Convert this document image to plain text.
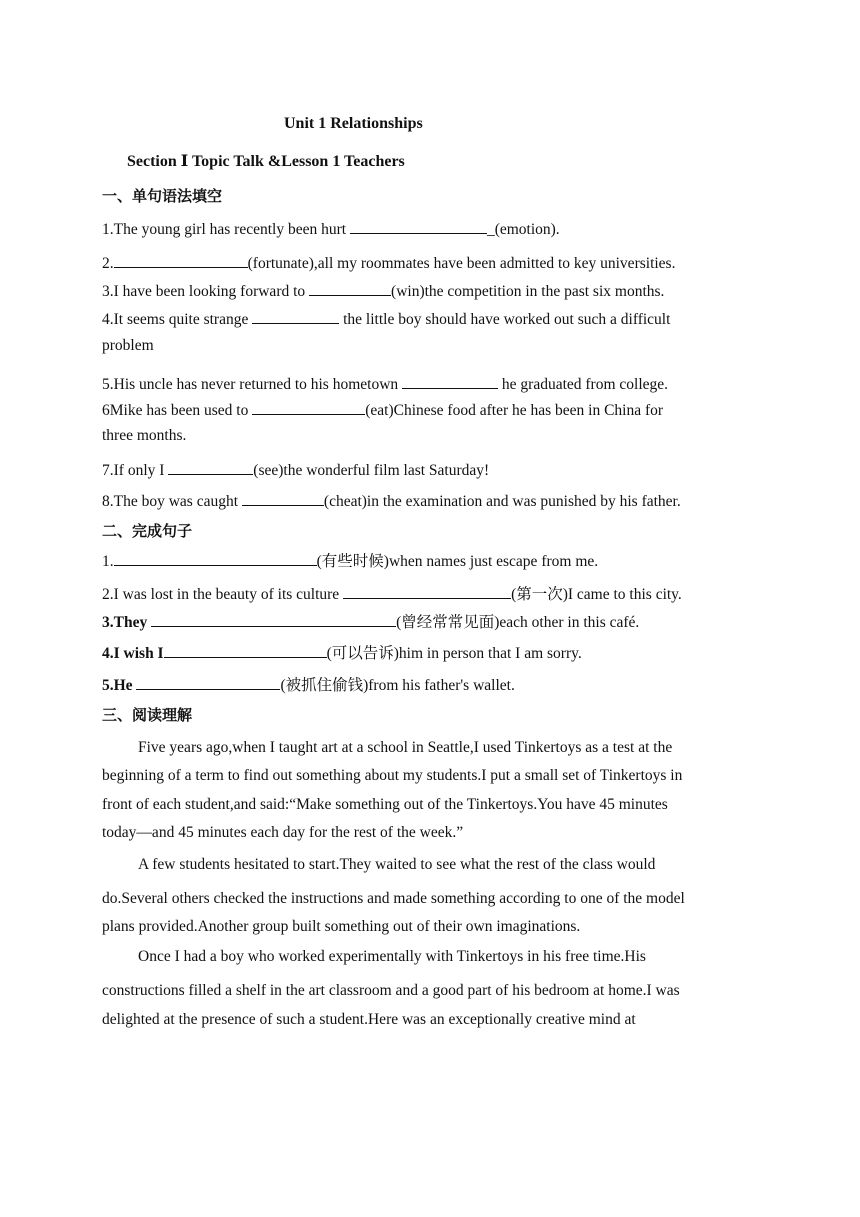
Unit 1 Relationships
Section Ⅰ Topic Talk &Lesson 1 Teachers
一、单句语法填空
1.The young girl has recently been hurt	_(emotion).
2.	(fortunate),all my roommates have been admitted to key universities.
3.I have been looking forward to	(win)the competition in the past six months.
4.It seems quite strange	the little boy should have worked out such a difficult
problem
5.His uncle has never returned to his hometown	he graduated from college.
6Mike has been used to	(eat)Chinese food after he has been in China for
three months.
7.If only I	(see)the wonderful film last Saturday!
8.The boy was caught	(cheat)in the examination and was punished by his father.
二、完成句子
1.	(有些时候)when names just escape from me.
2.I was lost in the beauty of its culture	(第一次)I came to this city.
3.They	(曾经常常见面)each other in this café.
4.I wish I	(可以告诉)him in person that I am sorry.
5.He	(被抓住偷钱)from his father's wallet.
三、阅读理解
Five years ago,when I taught art at a school in Seattle,I used Tinkertoys as a test at the
beginning of a term to find out something about my students.I put a small set of Tinkertoys in
front of each student,and said:“Make something out of the Tinkertoys.You have 45 minutes
today—and 45 minutes each day for the rest of the week.”
A few students hesitated to start.They waited to see what the rest of the class would
do.Several others checked the instructions and made something according to one of the model
plans provided.Another group built something out of their own imaginations.
Once I had a boy who worked experimentally with Tinkertoys in his free time.His
constructions filled a shelf in the art classroom and a good part of his bedroom at home.I was
delighted at the presence of such a student.Here was an exceptionally creative mind at
